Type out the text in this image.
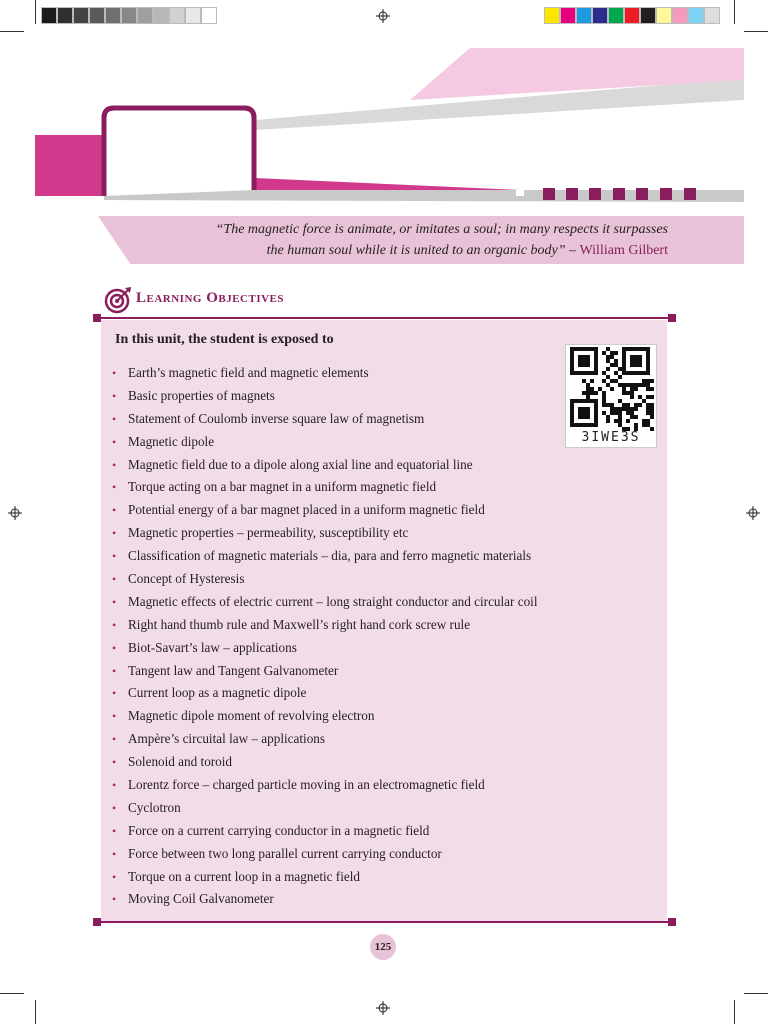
“The magnetic force is animate, or imitates a soul; in many respects it surpasses
the human soul while it is united to an organic body” – William Gilbert
Learning Objectives
In this unit, the student is exposed to
• Earth’s magnetic field and magnetic elements
• Basic properties of magnets
• Statement of Coulomb inverse square law of magnetism
• Magnetic dipole
• Magnetic field due to a dipole along axial line and equatorial line
• Torque acting on a bar magnet in a uniform magnetic field
• Potential energy of a bar magnet placed in a uniform magnetic field
• Magnetic properties – permeability, susceptibility etc
• Classification of magnetic materials – dia, para and ferro magnetic materials
• Concept of Hysteresis
• Magnetic effects of electric current – long straight conductor and circular coil
• Right hand thumb rule and Maxwell’s right hand cork screw rule
• Biot-Savart’s law – applications
• Tangent law and Tangent Galvanometer
• Current loop as a magnetic dipole
• Magnetic dipole moment of revolving electron
• Ampère’s circuital law – applications
• Solenoid and toroid
• Lorentz force – charged particle moving in an electromagnetic field
• Cyclotron
• Force on a current carrying conductor in a magnetic field
• Force between two long parallel current carrying conductor
• Torque on a current loop in a magnetic field
• Moving Coil Galvanometer
3IWE3S
125
